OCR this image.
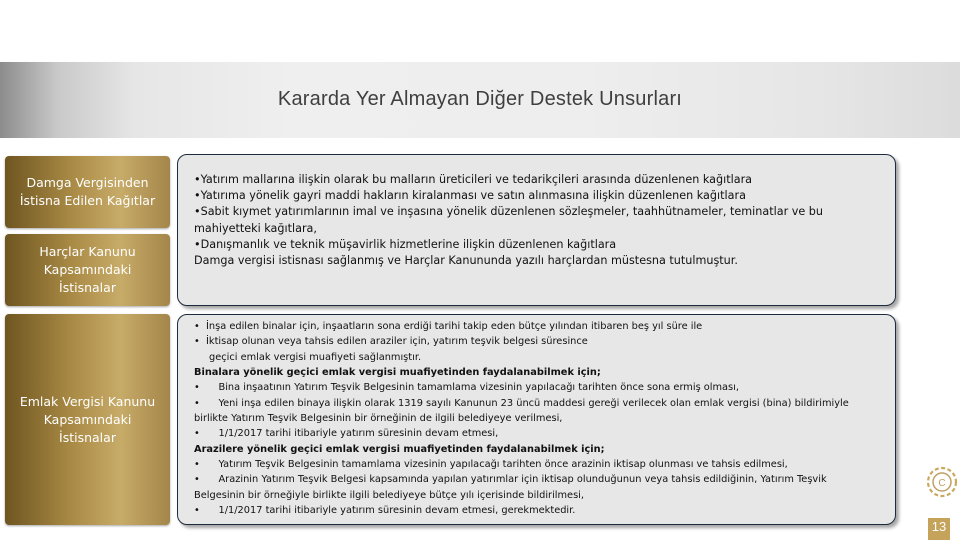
Kararda Yer Almayan Diğer Destek Unsurları
Damga Vergisinden
İstisna Edilen Kağıtlar
Harçlar Kanunu
Kapsamındaki
İstisnalar
Emlak Vergisi Kanunu
Kapsamındaki
İstisnalar
•Yatırım mallarına ilişkin olarak bu malların üreticileri ve tedarikçileri arasında düzenlenen kağıtlara
•Yatırıma yönelik gayri maddi hakların kiralanması ve satın alınmasına ilişkin düzenlenen kağıtlara
•Sabit kıymet yatırımlarının imal ve inşasına yönelik düzenlenen sözleşmeler, taahhütnameler, teminatlar ve bu
mahiyetteki kağıtlara,
•Danışmanlık ve teknik müşavirlik hizmetlerine ilişkin düzenlenen kağıtlara
Damga vergisi istisnası sağlanmış ve Harçlar Kanununda yazılı harçlardan müstesna tutulmuştur.
•  İnşa edilen binalar için, inşaatların sona erdiği tarihi takip eden bütçe yılından itibaren beş yıl süre ile
•  İktisap olunan veya tahsis edilen araziler için, yatırım teşvik belgesi süresince
geçici emlak vergisi muafiyeti sağlanmıştır.
Binalara yönelik geçici emlak vergisi muafiyetinden faydalanabilmek için;
•      Bina inşaatının Yatırım Teşvik Belgesinin tamamlama vizesinin yapılacağı tarihten önce sona ermiş olması,
•      Yeni inşa edilen binaya ilişkin olarak 1319 sayılı Kanunun 23 üncü maddesi gereği verilecek olan emlak vergisi (bina) bildirimiyle
birlikte Yatırım Teşvik Belgesinin bir örneğinin de ilgili belediyeye verilmesi,
•      1/1/2017 tarihi itibariyle yatırım süresinin devam etmesi,
Arazilere yönelik geçici emlak vergisi muafiyetinden faydalanabilmek için;
•      Yatırım Teşvik Belgesinin tamamlama vizesinin yapılacağı tarihten önce arazinin iktisap olunması ve tahsis edilmesi,
•      Arazinin Yatırım Teşvik Belgesi kapsamında yapılan yatırımlar için iktisap olunduğunun veya tahsis edildiğinin, Yatırım Teşvik
Belgesinin bir örneğiyle birlikte ilgili belediyeye bütçe yılı içerisinde bildirilmesi,
•      1/1/2017 tarihi itibariyle yatırım süresinin devam etmesi, gerekmektedir.
C
13
